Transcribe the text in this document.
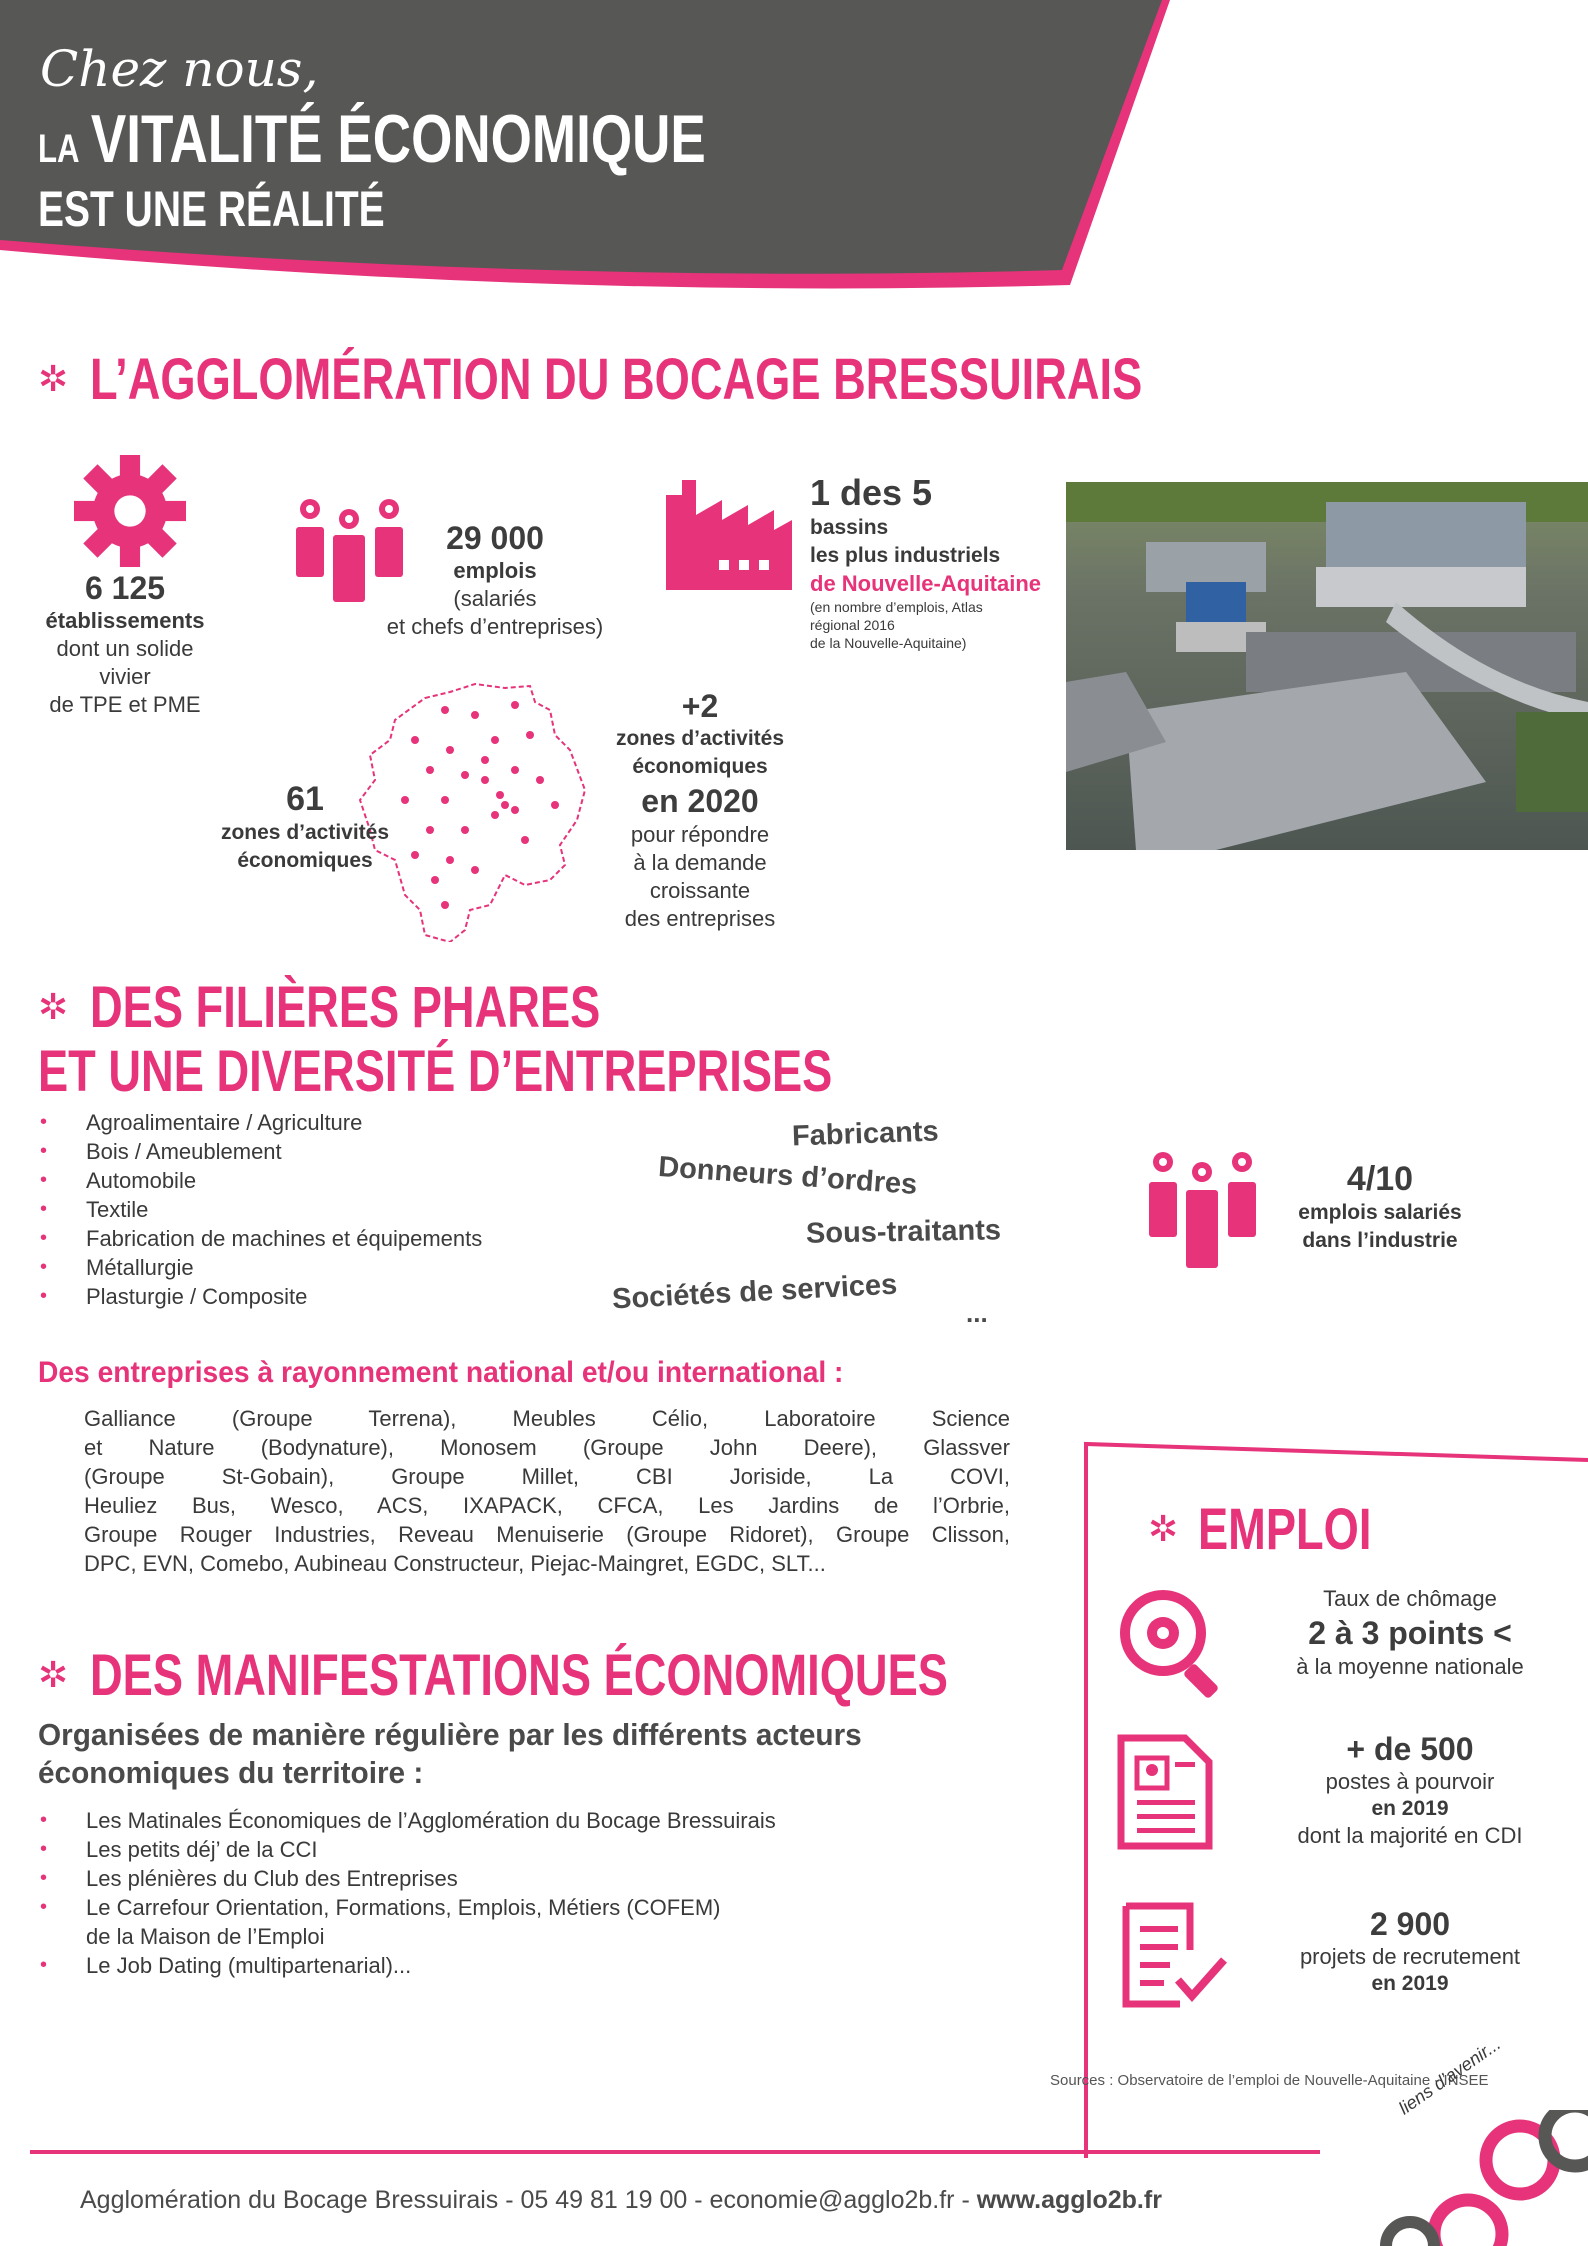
Chez nous,
LA VITALITÉ ÉCONOMIQUE
EST UNE RÉALITÉ
✲ L’AGGLOMÉRATION DU BOCAGE BRESSUIRAIS
6 125
établissements
dont un solide
vivier
de TPE et PME
29 000
emplois
(salariés
et chefs d’entreprises)
1 des 5
bassins
les plus industriels
de Nouvelle-Aquitaine
(en nombre d’emplois, Atlas
régional 2016
de la Nouvelle-Aquitaine)
61
zones d’activités
économiques
+2
zones d’activités
économiques
en 2020
pour répondre
à la demande
croissante
des entreprises
✲ DES FILIÈRES PHARES
ET UNE DIVERSITÉ D’ENTREPRISES
• Agroalimentaire / Agriculture
• Bois / Ameublement
• Automobile
• Textile
• Fabrication de machines et équipements
• Métallurgie
• Plasturgie / Composite
Fabricants
Donneurs d’ordres
Sous-traitants
Sociétés de services	...
4/10
emplois salariés
dans l’industrie
Des entreprises à rayonnement national et/ou international :
Galliance (Groupe Terrena), Meubles Célio, Laboratoire Science
et Nature (Bodynature), Monosem (Groupe John Deere), Glassver
(Groupe St-Gobain), Groupe Millet, CBI Joriside, La COVI,
Heuliez Bus, Wesco, ACS, IXAPACK, CFCA, Les Jardins de l’Orbrie,
Groupe Rouger Industries, Reveau Menuiserie (Groupe Ridoret), Groupe Clisson,
DPC, EVN, Comebo, Aubineau Constructeur, Piejac-Maingret, EGDC, SLT...
✲ EMPLOI
Taux de chômage
2 à 3 points <
à la moyenne nationale
+ de 500
postes à pourvoir
en 2019
dont la majorité en CDI
2 900
projets de recrutement
en 2019
✲ DES MANIFESTATIONS ÉCONOMIQUES
Organisées de manière régulière par les différents acteurs
économiques du territoire :
• Les Matinales Économiques de l’Agglomération du Bocage Bressuirais
• Les petits déj’ de la CCI
• Les plénières du Club des Entreprises
• Le Carrefour Orientation, Formations, Emplois, Métiers (COFEM)
de la Maison de l’Emploi
• Le Job Dating (multipartenarial)...
Sources : Observatoire de l’emploi de Nouvelle-Aquitaine - INSEE
Agglomération du Bocage Bressuirais - 05 49 81 19 00 - economie@agglo2b.fr - www.agglo2b.fr
liens d’avenir...
